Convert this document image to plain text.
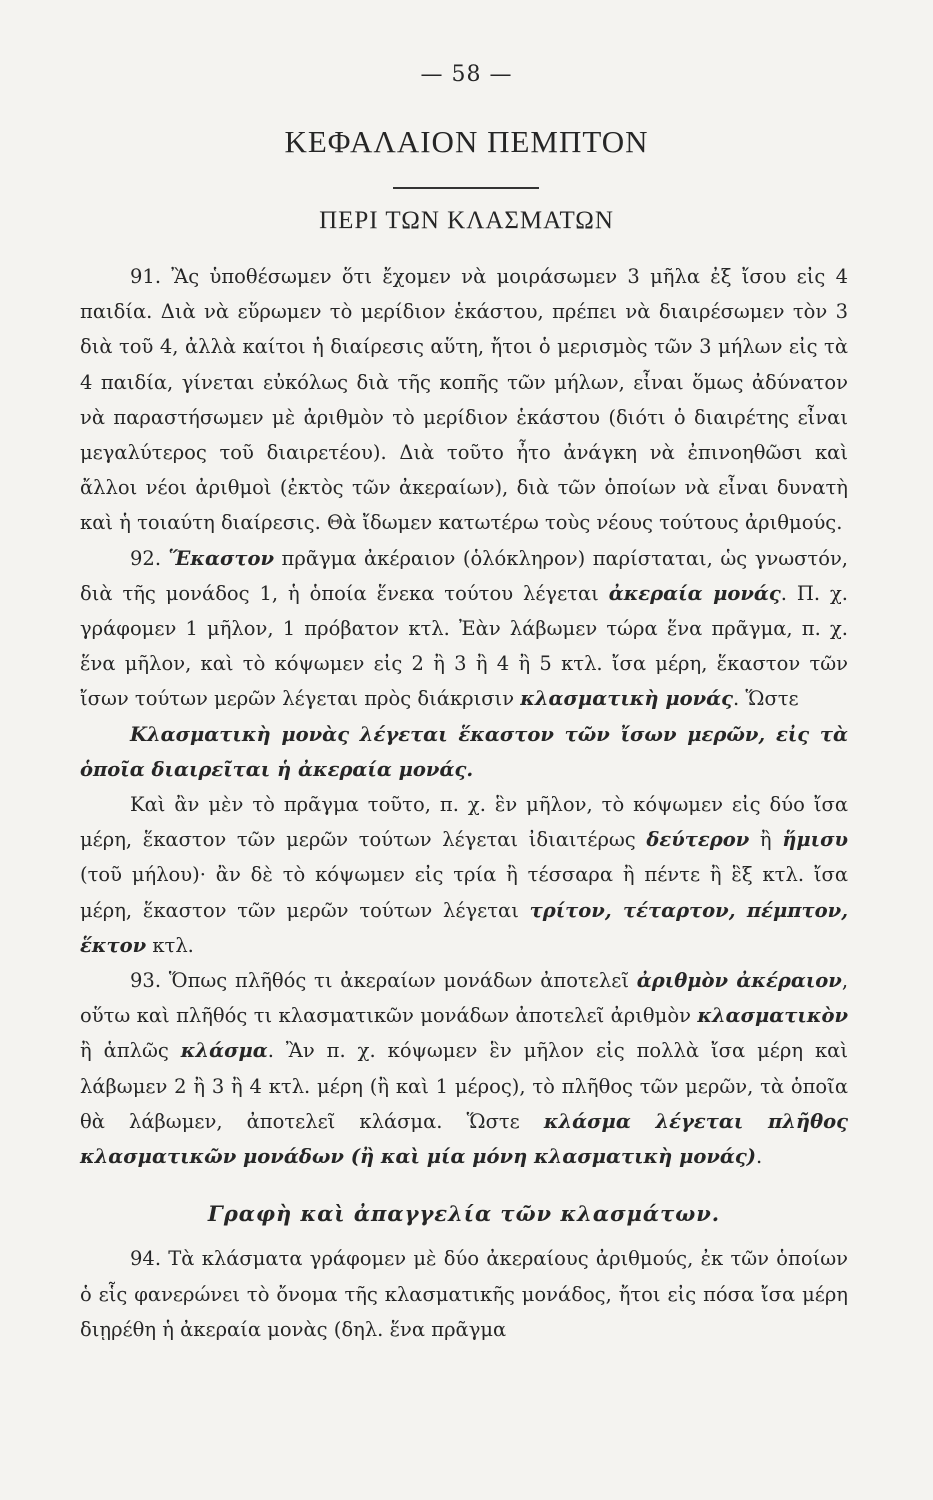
— 58 —
ΚΕΦΑΛΑΙΟΝ ΠΕΜΠΤΟΝ
ΠΕΡΙ ΤΩΝ ΚΛΑΣΜΑΤΩΝ

91. Ἂς ὑποθέσωμεν ὅτι ἔχομεν νὰ μοιράσωμεν 3 μῆλα ἐξ ἴσου εἰς 4 παιδία. Διὰ νὰ εὕρωμεν τὸ μερίδιον ἑκάστου, πρέπει νὰ διαιρέσωμεν τὸν 3 διὰ τοῦ 4, ἀλλὰ καίτοι ἡ διαίρεσις αὕτη, ἤτοι ὁ μερισμὸς τῶν 3 μήλων εἰς τὰ 4 παιδία, γίνεται εὐκόλως διὰ τῆς κοπῆς τῶν μήλων, εἶναι ὅμως ἀδύνατον νὰ παραστήσωμεν μὲ ἀριθμὸν τὸ μερίδιον ἑκάστου (διότι ὁ διαιρέτης εἶναι μεγαλύτερος τοῦ διαιρετέου). Διὰ τοῦτο ἦτο ἀνάγκη νὰ ἐπινοηθῶσι καὶ ἄλλοι νέοι ἀριθμοὶ (ἐκτὸς τῶν ἀκεραίων), διὰ τῶν ὁποίων νὰ εἶναι δυνατὴ καὶ ἡ τοιαύτη διαίρεσις. Θὰ ἴδωμεν κατωτέρω τοὺς νέους τούτους ἀριθμούς.

92. Ἕκαστον πρᾶγμα ἀκέραιον (ὁλόκληρον) παρίσταται, ὡς γνωστόν, διὰ τῆς μονάδος 1, ἡ ὁποία ἕνεκα τούτου λέγεται ἀκεραία μονάς. Π. χ. γράφομεν 1 μῆλον, 1 πρόβατον κτλ. Ἐὰν λάβωμεν τώρα ἕνα πρᾶγμα, π. χ. ἕνα μῆλον, καὶ τὸ κόψωμεν εἰς 2 ἢ 3 ἢ 4 ἢ 5 κτλ. ἴσα μέρη, ἕκαστον τῶν ἴσων τούτων μερῶν λέγεται πρὸς διάκρισιν κλασματικὴ μονάς. Ὥστε

Κλασματικὴ μονὰς λέγεται ἕκαστον τῶν ἴσων μερῶν, εἰς τὰ ὁποῖα διαιρεῖται ἡ ἀκεραία μονάς.

Καὶ ἂν μὲν τὸ πρᾶγμα τοῦτο, π. χ. ἓν μῆλον, τὸ κόψωμεν εἰς δύο ἴσα μέρη, ἕκαστον τῶν μερῶν τούτων λέγεται ἰδιαιτέρως δεύτερον ἢ ἥμισυ (τοῦ μήλου)· ἂν δὲ τὸ κόψωμεν εἰς τρία ἢ τέσσαρα ἢ πέντε ἢ ἓξ κτλ. ἴσα μέρη, ἕκαστον τῶν μερῶν τούτων λέγεται τρίτον, τέταρτον, πέμπτον, ἕκτον κτλ.

93. Ὅπως πλῆθός τι ἀκεραίων μονάδων ἀποτελεῖ ἀριθμὸν ἀκέραιον, οὕτω καὶ πλῆθός τι κλασματικῶν μονάδων ἀποτελεῖ ἀριθμὸν κλασματικὸν ἢ ἁπλῶς κλάσμα. Ἂν π. χ. κόψωμεν ἓν μῆλον εἰς πολλὰ ἴσα μέρη καὶ λάβωμεν 2 ἢ 3 ἢ 4 κτλ. μέρη (ἢ καὶ 1 μέρος), τὸ πλῆθος τῶν μερῶν, τὰ ὁποῖα θὰ λάβωμεν, ἀποτελεῖ κλάσμα. Ὥστε κλάσμα λέγεται πλῆθος κλασματικῶν μονάδων (ἢ καὶ μία μόνη κλασματικὴ μονάς).

Γραφὴ καὶ ἀπαγγελία τῶν κλασμάτων.

94. Τὰ κλάσματα γράφομεν μὲ δύο ἀκεραίους ἀριθμούς, ἐκ τῶν ὁποίων ὁ εἷς φανερώνει τὸ ὄνομα τῆς κλασματικῆς μονάδος, ἤτοι εἰς πόσα ἴσα μέρη διῃρέθη ἡ ἀκεραία μονὰς (δηλ. ἕνα πρᾶγμα
